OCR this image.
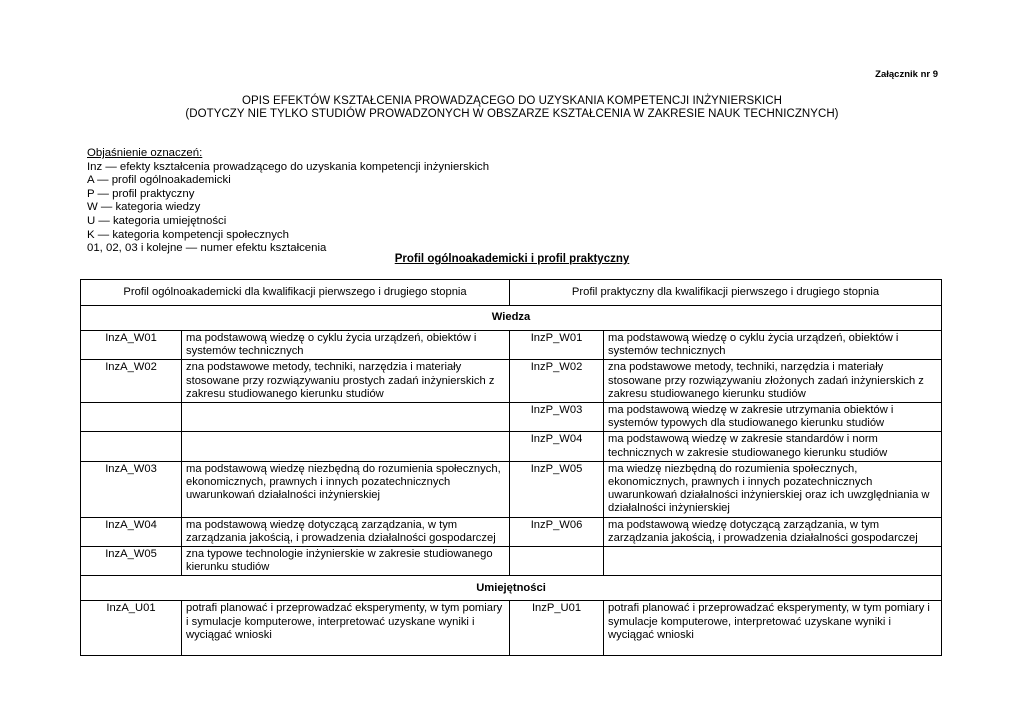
Załącznik nr 9
OPIS EFEKTÓW KSZTAŁCENIA PROWADZĄCEGO DO UZYSKANIA KOMPETENCJI INŻYNIERSKICH
(DOTYCZY NIE TYLKO STUDIÓW PROWADZONYCH W OBSZARZE KSZTAŁCENIA W ZAKRESIE NAUK TECHNICZNYCH)
Objaśnienie oznaczeń:
Inz — efekty kształcenia prowadzącego do uzyskania kompetencji inżynierskich
A — profil ogólnoakademicki
P — profil praktyczny
W — kategoria wiedzy
U — kategoria umiejętności
K — kategoria kompetencji społecznych
01, 02, 03 i kolejne — numer efektu kształcenia
Profil ogólnoakademicki i profil praktyczny
Profil ogólnoakademicki dla kwalifikacji pierwszego i drugiego stopnia		Profil praktyczny dla kwalifikacji pierwszego i drugiego stopnia	
Wiedza			
InzA_W01	ma podstawową wiedzę o cyklu życia urządzeń, obiektów i systemów technicznych	InzP_W01	ma podstawową wiedzę o cyklu życia urządzeń, obiektów i systemów technicznych
InzA_W02	zna podstawowe metody, techniki, narzędzia i materiały stosowane przy rozwiązywaniu prostych zadań inżynierskich z zakresu studiowanego kierunku studiów	InzP_W02	zna podstawowe metody, techniki, narzędzia i materiały stosowane przy rozwiązywaniu złożonych zadań inżynierskich z zakresu studiowanego kierunku studiów
		InzP_W03	ma podstawową wiedzę w zakresie utrzymania obiektów i systemów typowych dla studiowanego kierunku studiów
		InzP_W04	ma podstawową wiedzę w zakresie standardów i norm technicznych w zakresie studiowanego kierunku studiów
InzA_W03	ma podstawową wiedzę niezbędną do rozumienia społecznych, ekonomicznych, prawnych i innych pozatechnicznych uwarunkowań działalności inżynierskiej	InzP_W05	ma wiedzę niezbędną do rozumienia społecznych, ekonomicznych, prawnych i innych pozatechnicznych uwarunkowań działalności inżynierskiej oraz ich uwzględniania w działalności inżynierskiej
InzA_W04	ma podstawową wiedzę dotyczącą zarządzania, w tym zarządzania jakością, i prowadzenia działalności gospodarczej	InzP_W06	ma podstawową wiedzę dotyczącą zarządzania, w tym zarządzania jakością, i prowadzenia działalności gospodarczej
InzA_W05	zna typowe technologie inżynierskie w zakresie studiowanego kierunku studiów		
Umiejętności			
InzA_U01	potrafi planować i przeprowadzać eksperymenty, w tym pomiary i symulacje komputerowe, interpretować uzyskane wyniki i wyciągać wnioski	InzP_U01	potrafi planować i przeprowadzać eksperymenty, w tym pomiary i symulacje komputerowe, interpretować uzyskane wyniki i wyciągać wnioski
